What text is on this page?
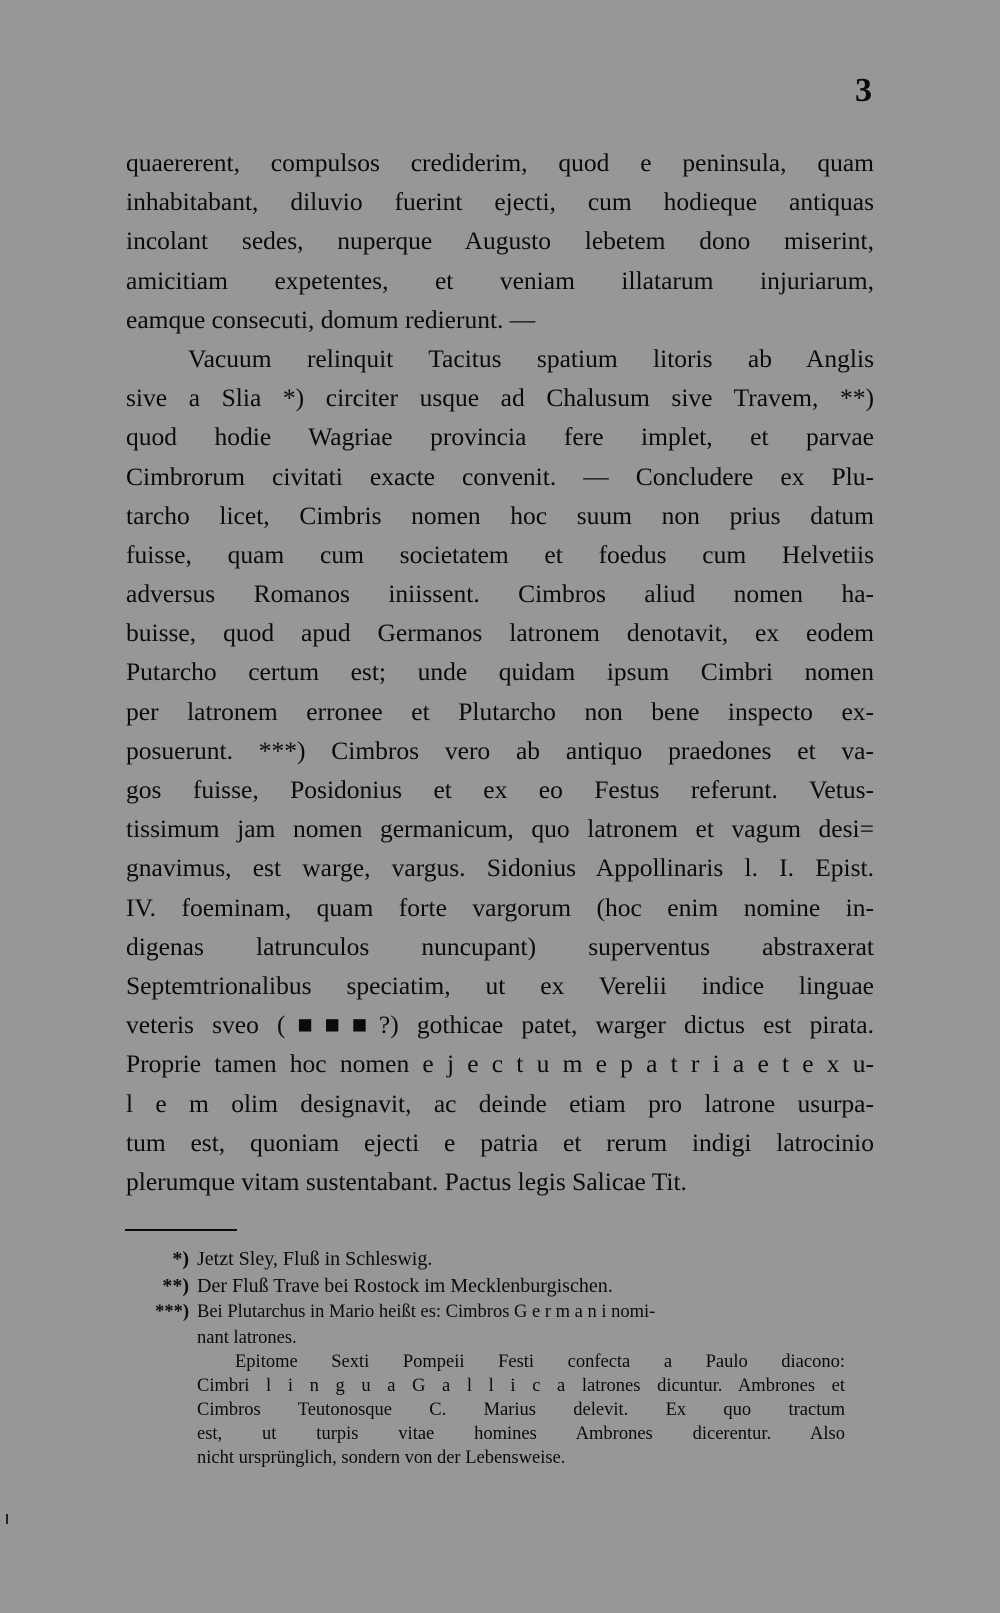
3
quaererent, compulsos crediderim, quod e peninsula, quam
inhabitabant, diluvio fuerint ejecti, cum hodieque antiquas
incolant sedes, nuperque Augusto lebetem dono miserint,
amicitiam expetentes, et veniam illatarum injuriarum,
eamque consecuti, domum redierunt. —
Vacuum relinquit Tacitus spatium litoris ab Anglis
sive a Slia *) circiter usque ad Chalusum sive Travem, **)
quod hodie Wagriae provincia fere implet, et parvae
Cimbrorum civitati exacte convenit. — Concludere ex Plu-
tarcho licet, Cimbris nomen hoc suum non prius datum
fuisse, quam cum societatem et foedus cum Helvetiis
adversus Romanos iniissent. Cimbros aliud nomen ha-
buisse, quod apud Germanos latronem denotavit, ex eodem
Putarcho certum est; unde quidam ipsum Cimbri nomen
per latronem erronee et Plutarcho non bene inspecto ex-
posuerunt. ***) Cimbros vero ab antiquo praedones et va-
gos fuisse, Posidonius et ex eo Festus referunt. Vetus-
tissimum jam nomen germanicum, quo latronem et vagum desi=
gnavimus, est warge, vargus. Sidonius Appollinaris l. I. Epist.
IV. foeminam, quam forte vargorum (hoc enim nomine in-
digenas latrunculos nuncupant) superventus abstraxerat
Septemtrionalibus speciatim, ut ex Verelii indice linguae
veteris sveo (■■■?) gothicae patet, warger dictus est pirata.
Proprie tamen hoc nomen e j e c t u m e p a t r i a e t e x u-
l e m olim designavit, ac deinde etiam pro latrone usurpa-
tum est, quoniam ejecti e patria et rerum indigi latrocinio
plerumque vitam sustentabant. Pactus legis Salicae Tit.
*) Jetzt Sley, Fluß in Schleswig.
**) Der Fluß Trave bei Rostock im Mecklenburgischen.
***) Bei Plutarchus in Mario heißt es: Cimbros G e r m a n i nomi-
nant latrones.
Epitome Sexti Pompeii Festi confecta a Paulo diacono:
Cimbri l i n g u a G a l l i c a latrones dicuntur. Ambrones et
Cimbros Teutonosque C. Marius delevit. Ex quo tractum
est, ut turpis vitae homines Ambrones dicerentur. Also
nicht ursprünglich, sondern von der Lebensweise.
